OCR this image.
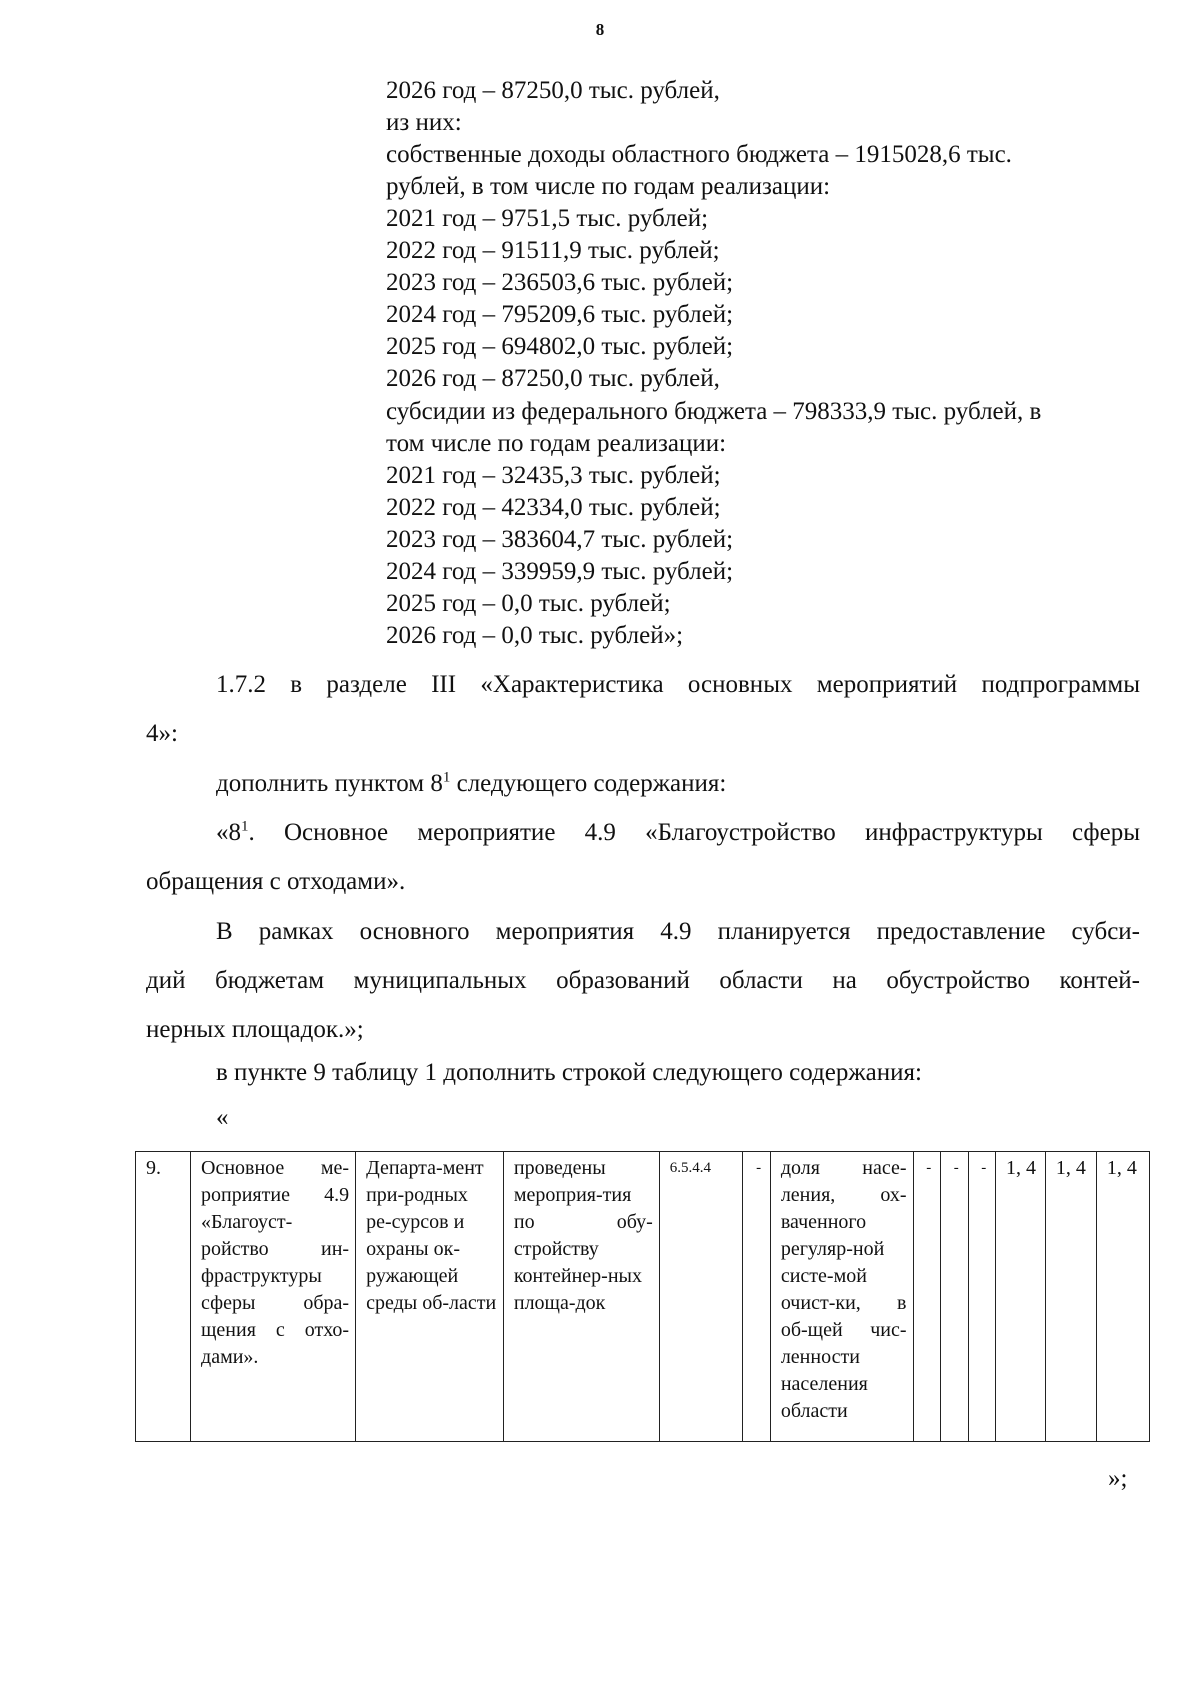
8
2026 год – 87250,0 тыс. рублей,
из них:
собственные доходы областного бюджета – 1915028,6 тыс.
рублей, в том числе по годам реализации:
2021 год – 9751,5 тыс. рублей;
2022 год – 91511,9 тыс. рублей;
2023 год – 236503,6 тыс. рублей;
2024 год – 795209,6 тыс. рублей;
2025 год – 694802,0 тыс. рублей;
2026 год – 87250,0 тыс. рублей,
субсидии из федерального бюджета – 798333,9 тыс. рублей, в
том числе по годам реализации:
2021 год – 32435,3 тыс. рублей;
2022 год – 42334,0 тыс. рублей;
2023 год – 383604,7 тыс. рублей;
2024 год – 339959,9 тыс. рублей;
2025 год – 0,0 тыс. рублей;
2026 год – 0,0 тыс. рублей»;
1.7.2 в разделе III «Характеристика основных мероприятий подпрограммы
4»:
дополнить пунктом $8^1$ следующего содержания:
«$8^1$. Основное мероприятие 4.9 «Благоустройство инфраструктуры сферы
обращения с отходами».
В рамках основного мероприятия 4.9 планируется предоставление субси-
дий бюджетам муниципальных образований области на обустройство контей-
нерных площадок.»;
в пункте 9 таблицу 1 дополнить строкой следующего содержания:
«
9.	Основное ме-роприятие 4.9 «Благоуст-ройство ин-фраструктуры сферы обра-щения с отхо-дами».	Департа-мент при-родных ре-сурсов и охраны ок-ружающей среды об-ласти	проведены мероприя-тия по обу-стройству контейнер-ных площа-док	6.5.4.4	-	доля насе-ления, ох-ваченного регуляр-ной систе-мой очист-ки, в об-щей чис-ленности населения области	-	-	-	1, 4	1, 4	1, 4
»;
